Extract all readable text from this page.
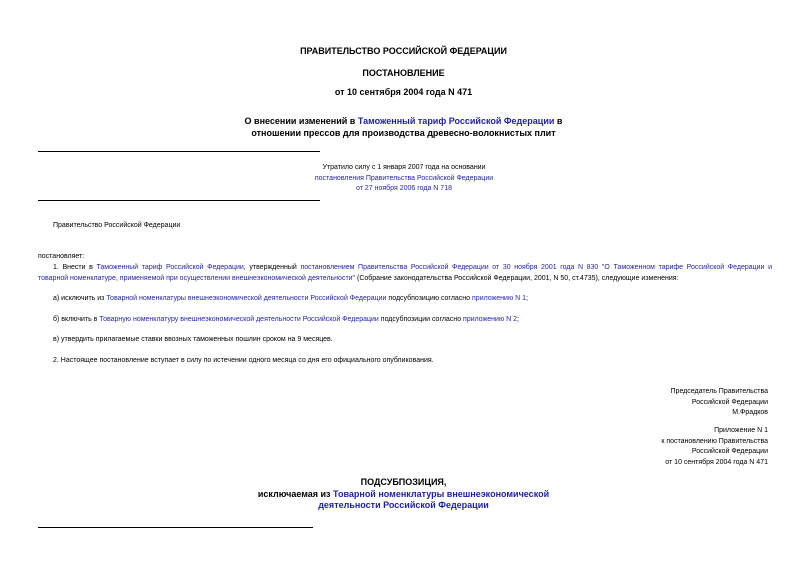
ПРАВИТЕЛЬСТВО РОССИЙСКОЙ ФЕДЕРАЦИИ
ПОСТАНОВЛЕНИЕ
от 10 сентября 2004 года N 471
О внесении изменений в Таможенный тариф Российской Федерации в
отношении прессов для производства древесно-волокнистых плит
Утратило силу с 1 января 2007 года на основании
постановления Правительства Российской Федерации
от 27 ноября 2006 года N 718
Правительство Российской Федерации
постановляет:
1. Внести в Таможенный тариф Российской Федерации, утвержденный постановлением Правительства Российской Федерации от 30 ноября 2001 года N 830 "О Таможенном тарифе Российской Федерации и
товарной номенклатуре, применяемой при осуществлении внешнеэкономической деятельности" (Собрание законодательства Российской Федерации, 2001, N 50, ст.4735), следующие изменения:
а) исключить из Товарной номенклатуры внешнеэкономической деятельности Российской Федерации подсубпозицию согласно приложению N 1;
б) включить в Товарную номенклатуру внешнеэкономической деятельности Российской Федерации подсубпозиции согласно приложению N 2;
в) утвердить прилагаемые ставки ввозных таможенных пошлин сроком на 9 месяцев.
2. Настоящее постановление вступает в силу по истечении одного месяца со дня его официального опубликования.
Председатель Правительства
Российской Федерации
М.Фрадков
Приложение N 1
к постановлению Правительства
Российской Федерации
от 10 сентября 2004 года N 471
ПОДСУБПОЗИЦИЯ,
исключаемая из Товарной номенклатуры внешнеэкономической
деятельности Российской Федерации
